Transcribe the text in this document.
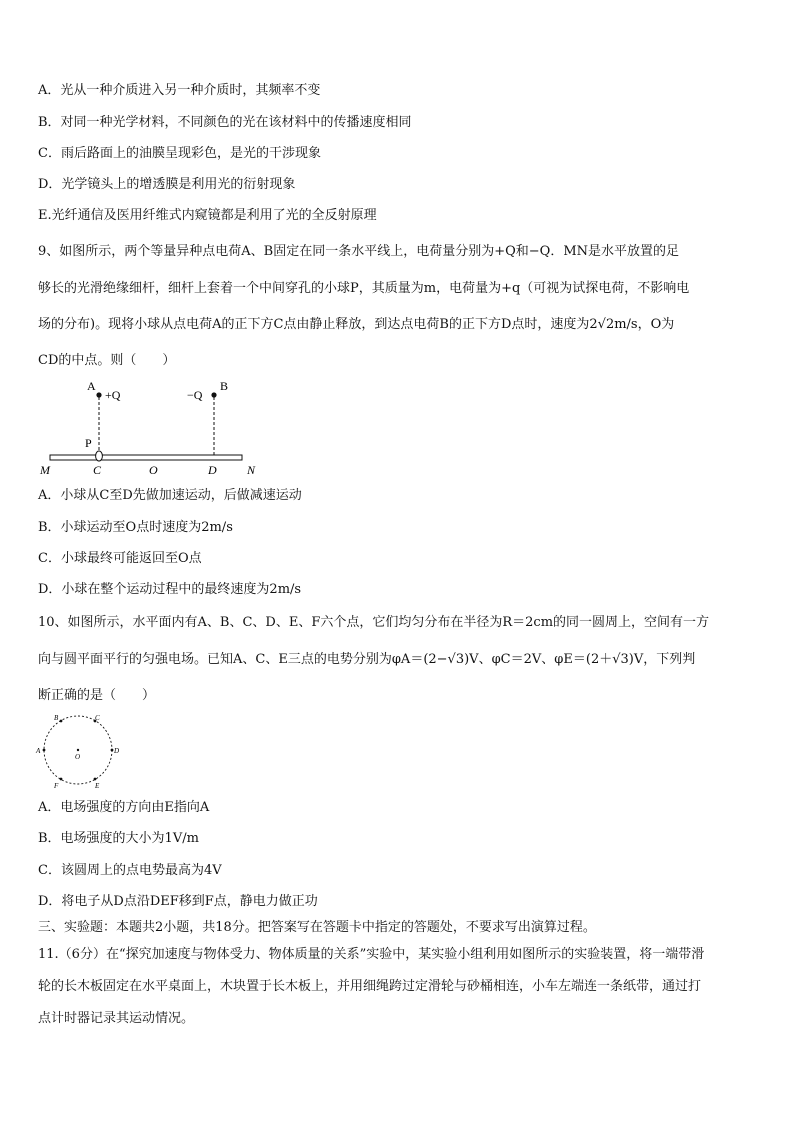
A．光从一种介质进入另一种介质时，其频率不变
B．对同一种光学材料，不同颜色的光在该材料中的传播速度相同
C．雨后路面上的油膜呈现彩色，是光的干涉现象
D．光学镜头上的增透膜是利用光的衍射现象
E.光纤通信及医用纤维式内窥镜都是利用了光的全反射原理
9、如图所示，两个等量异种点电荷A、B固定在同一条水平线上，电荷量分别为+Q和−Q．MN是水平放置的足
够长的光滑绝缘细杆，细杆上套着一个中间穿孔的小球P，其质量为m，电荷量为+q（可视为试探电荷，不影响电
场的分布)。现将小球从点电荷A的正下方C点由静止释放，到达点电荷B的正下方D点时，速度为2√2m/s，O为
CD的中点。则（　　）
A
+Q	−Q
B
P
M	C	O	D	N
A．小球从C至D先做加速运动，后做减速运动
B．小球运动至O点时速度为2m/s
C．小球最终可能返回至O点
D．小球在整个运动过程中的最终速度为2m/s
10、如图所示，水平面内有A、B、C、D、E、F六个点，它们均匀分布在半径为R＝2cm的同一圆周上，空间有一方
向与圆平面平行的匀强电场。已知A、C、E三点的电势分别为φA＝(2−√3)V、φC＝2V、φE＝(2＋√3)V，下列判
断正确的是（　　）
B	C
A	D
F	E
O
A．电场强度的方向由E指向A
B．电场强度的大小为1V/m
C．该圆周上的点电势最高为4V
D．将电子从D点沿DEF移到F点，静电力做正功
三、实验题：本题共2小题，共18分。把答案写在答题卡中指定的答题处，不要求写出演算过程。
11.（6分）在“探究加速度与物体受力、物体质量的关系”实验中，某实验小组利用如图所示的实验装置，将一端带滑
轮的长木板固定在水平桌面上，木块置于长木板上，并用细绳跨过定滑轮与砂桶相连，小车左端连一条纸带，通过打
点计时器记录其运动情况。
